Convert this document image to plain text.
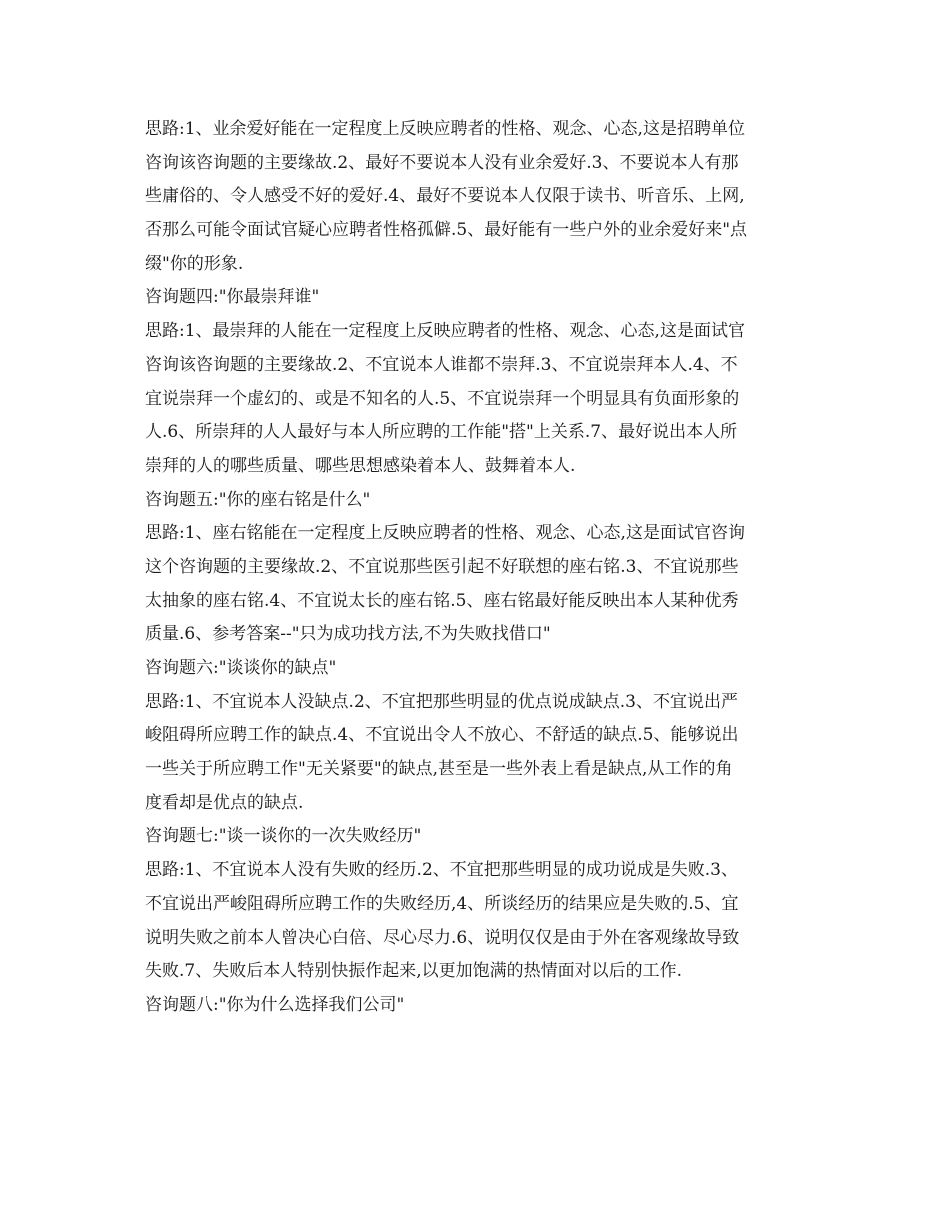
思路:1、业余爱好能在一定程度上反映应聘者的性格、观念、心态,这是招聘单位
咨询该咨询题的主要缘故.2、最好不要说本人没有业余爱好.3、不要说本人有那
些庸俗的、令人感受不好的爱好.4、最好不要说本人仅限于读书、听音乐、上网,
否那么可能令面试官疑心应聘者性格孤僻.5、最好能有一些户外的业余爱好来"点
缀"你的形象.
咨询题四:"你最崇拜谁"
思路:1、最崇拜的人能在一定程度上反映应聘者的性格、观念、心态,这是面试官
咨询该咨询题的主要缘故.2、不宜说本人谁都不崇拜.3、不宜说崇拜本人.4、不
宜说崇拜一个虚幻的、或是不知名的人.5、不宜说崇拜一个明显具有负面形象的
人.6、所崇拜的人人最好与本人所应聘的工作能"搭"上关系.7、最好说出本人所
崇拜的人的哪些质量、哪些思想感染着本人、鼓舞着本人.
咨询题五:"你的座右铭是什么"
思路:1、座右铭能在一定程度上反映应聘者的性格、观念、心态,这是面试官咨询
这个咨询题的主要缘故.2、不宜说那些医引起不好联想的座右铭.3、不宜说那些
太抽象的座右铭.4、不宜说太长的座右铭.5、座右铭最好能反映出本人某种优秀
质量.6、参考答案--"只为成功找方法,不为失败找借口"
咨询题六:"谈谈你的缺点"
思路:1、不宜说本人没缺点.2、不宜把那些明显的优点说成缺点.3、不宜说出严
峻阻碍所应聘工作的缺点.4、不宜说出令人不放心、不舒适的缺点.5、能够说出
一些关于所应聘工作"无关紧要"的缺点,甚至是一些外表上看是缺点,从工作的角
度看却是优点的缺点.
咨询题七:"谈一谈你的一次失败经历"
思路:1、不宜说本人没有失败的经历.2、不宜把那些明显的成功说成是失败.3、
不宜说出严峻阻碍所应聘工作的失败经历,4、所谈经历的结果应是失败的.5、宜
说明失败之前本人曾决心白倍、尽心尽力.6、说明仅仅是由于外在客观缘故导致
失败.7、失败后本人特别快振作起来,以更加饱满的热情面对以后的工作.
咨询题八:"你为什么选择我们公司"
